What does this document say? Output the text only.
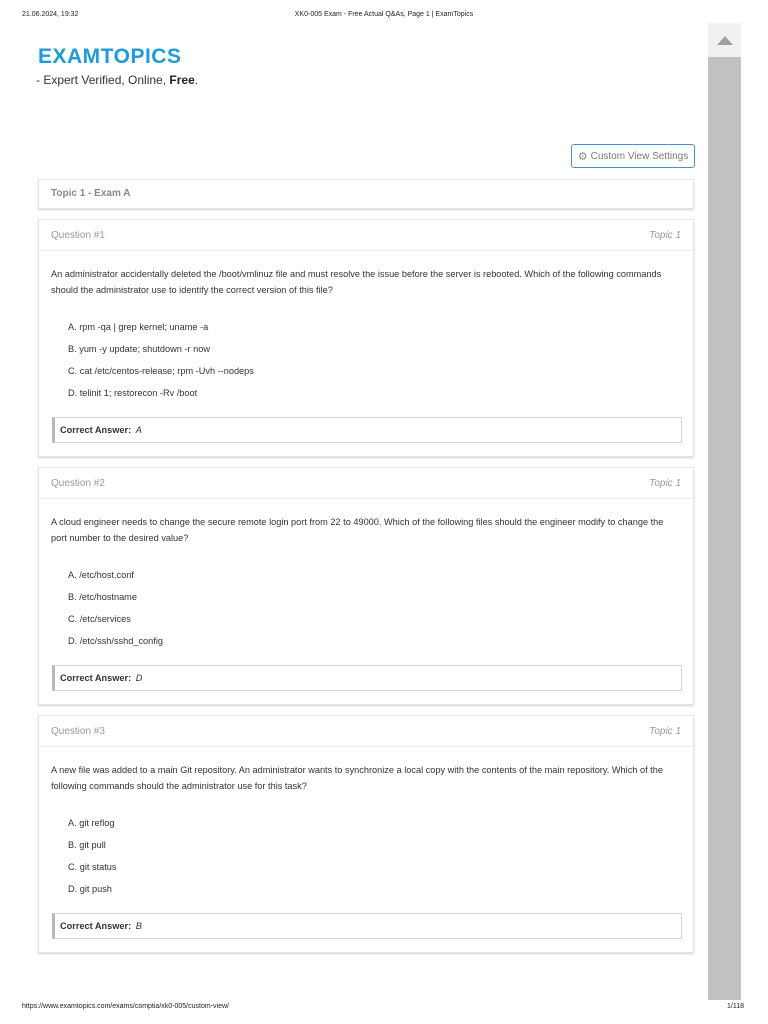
21.06.2024, 19:32	XK0-005 Exam - Free Actual Q&As, Page 1 | ExamTopics
EXAMTOPICS
- Expert Verified, Online, Free.
⚙ Custom View Settings
Topic 1 - Exam A
Question #1	Topic 1
An administrator accidentally deleted the /boot/vmlinuz file and must resolve the issue before the server is rebooted. Which of the following commands should the administrator use to identify the correct version of this file?
A. rpm -qa | grep kernel; uname -a
B. yum -y update; shutdown -r now
C. cat /etc/centos-release; rpm -Uvh --nodeps
D. telinit 1; restorecon -Rv /boot
Correct Answer: A
Question #2	Topic 1
A cloud engineer needs to change the secure remote login port from 22 to 49000. Which of the following files should the engineer modify to change the port number to the desired value?
A. /etc/host.conf
B. /etc/hostname
C. /etc/services
D. /etc/ssh/sshd_config
Correct Answer: D
Question #3	Topic 1
A new file was added to a main Git repository. An administrator wants to synchronize a local copy with the contents of the main repository. Which of the following commands should the administrator use for this task?
A. git reflog
B. git pull
C. git status
D. git push
Correct Answer: B
https://www.examtopics.com/exams/comptia/xk0-005/custom-view/	1/118
